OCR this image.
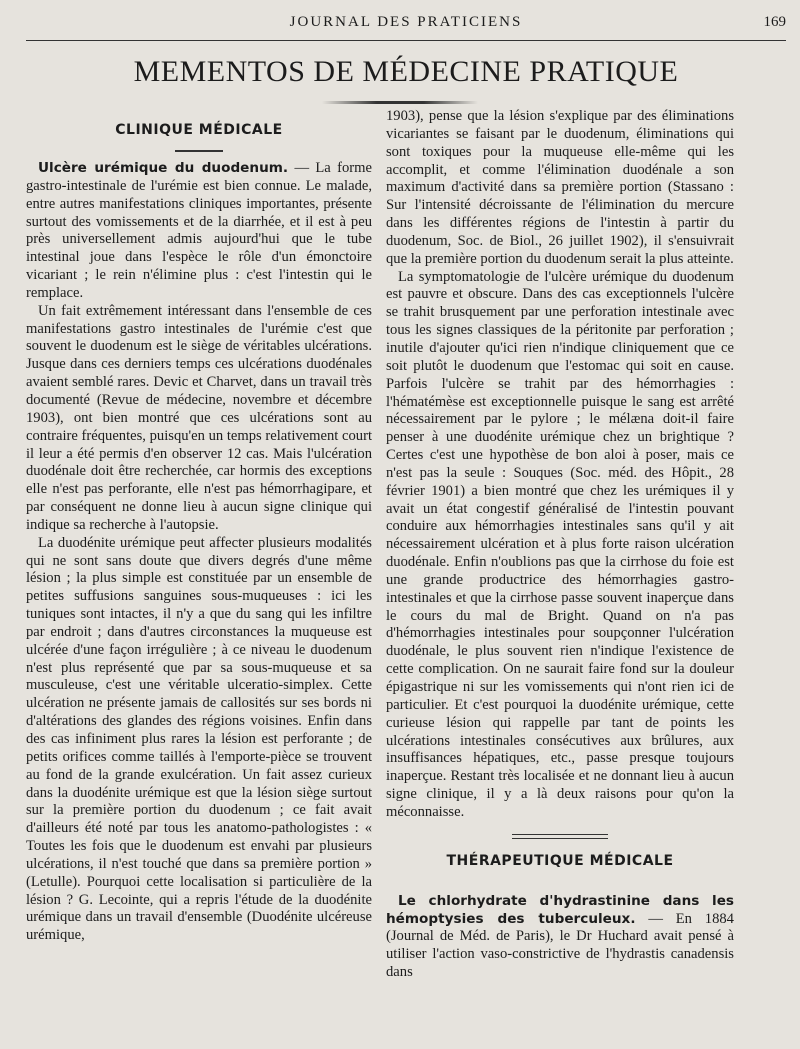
JOURNAL DES PRATICIENS	169
MEMENTOS DE MÉDECINE PRATIQUE
CLINIQUE MÉDICALE

Ulcère urémique du duodenum. — La forme gastro-intestinale de l'urémie est bien connue. Le malade, entre autres manifestations cliniques importantes, présente surtout des vomissements et de la diarrhée, et il est à peu près universellement admis aujourd'hui que le tube intestinal joue dans l'espèce le rôle d'un émonctoire vicariant ; le rein n'élimine plus : c'est l'intestin qui le remplace.

Un fait extrêmement intéressant dans l'ensemble de ces manifestations gastro intestinales de l'urémie c'est que souvent le duodenum est le siège de véritables ulcérations. Jusque dans ces derniers temps ces ulcérations duodénales avaient semblé rares. Devic et Charvet, dans un travail très documenté (Revue de médecine, novembre et décembre 1903), ont bien montré que ces ulcérations sont au contraire fréquentes, puisqu'en un temps relativement court il leur a été permis d'en observer 12 cas. Mais l'ulcération duodénale doit être recherchée, car hormis des exceptions elle n'est pas perforante, elle n'est pas hémorrhagipare, et par conséquent ne donne lieu à aucun signe clinique qui indique sa recherche à l'autopsie.

La duodénite urémique peut affecter plusieurs modalités qui ne sont sans doute que divers degrés d'une même lésion ; la plus simple est constituée par un ensemble de petites suffusions sanguines sous-muqueuses : ici les tuniques sont intactes, il n'y a que du sang qui les infiltre par endroit ; dans d'autres circonstances la muqueuse est ulcérée d'une façon irrégulière ; à ce niveau le duodenum n'est plus représenté que par sa sous-muqueuse et sa musculeuse, c'est une véritable ulceratio-simplex. Cette ulcération ne présente jamais de callosités sur ses bords ni d'altérations des glandes des régions voisines. Enfin dans des cas infiniment plus rares la lésion est perforante ; de petits orifices comme taillés à l'emporte-pièce se trouvent au fond de la grande exulcération. Un fait assez curieux dans la duodénite urémique est que la lésion siège surtout sur la première portion du duodenum ; ce fait avait d'ailleurs été noté par tous les anatomo-pathologistes : « Toutes les fois que le duodenum est envahi par plusieurs ulcérations, il n'est touché que dans sa première portion » (Letulle). Pourquoi cette localisation si particulière de la lésion ? G. Lecointe, qui a repris l'étude de la duodénite urémique dans un travail d'ensemble (Duodénite ulcéreuse urémique,

1903), pense que la lésion s'explique par des éliminations vicariantes se faisant par le duodenum, éliminations qui sont toxiques pour la muqueuse elle-même qui les accomplit, et comme l'élimination duodénale a son maximum d'activité dans sa première portion (Stassano : Sur l'intensité décroissante de l'élimination du mercure dans les différentes régions de l'intestin à partir du duodenum, Soc. de Biol., 26 juillet 1902), il s'ensuivrait que la première portion du duodenum serait la plus atteinte.

La symptomatologie de l'ulcère urémique du duodenum est pauvre et obscure. Dans des cas exceptionnels l'ulcère se trahit brusquement par une perforation intestinale avec tous les signes classiques de la péritonite par perforation ; inutile d'ajouter qu'ici rien n'indique cliniquement que ce soit plutôt le duodenum que l'estomac qui soit en cause. Parfois l'ulcère se trahit par des hémorrhagies : l'hématémèse est exceptionnelle puisque le sang est arrêté nécessairement par le pylore ; le mélæna doit-il faire penser à une duodénite urémique chez un brightique ? Certes c'est une hypothèse de bon aloi à poser, mais ce n'est pas la seule : Souques (Soc. méd. des Hôpit., 28 février 1901) a bien montré que chez les urémiques il y avait un état congestif généralisé de l'intestin pouvant conduire aux hémorrhagies intestinales sans qu'il y ait nécessairement ulcération et à plus forte raison ulcération duodénale. Enfin n'oublions pas que la cirrhose du foie est une grande productrice des hémorrhagies gastro-intestinales et que la cirrhose passe souvent inaperçue dans le cours du mal de Bright. Quand on n'a pas d'hémorrhagies intestinales pour soupçonner l'ulcération duodénale, le plus souvent rien n'indique l'existence de cette complication. On ne saurait faire fond sur la douleur épigastrique ni sur les vomissements qui n'ont rien ici de particulier. Et c'est pourquoi la duodénite urémique, cette curieuse lésion qui rappelle par tant de points les ulcérations intestinales consécutives aux brûlures, aux insuffisances hépatiques, etc., passe presque toujours inaperçue. Restant très localisée et ne donnant lieu à aucun signe clinique, il y a là deux raisons pour qu'on la méconnaisse.

THÉRAPEUTIQUE MÉDICALE

Le chlorhydrate d'hydrastinine dans les hémoptysies des tuberculeux. — En 1884 (Journal de Méd. de Paris), le Dr Huchard avait pensé à utiliser l'action vaso-constrictive de l'hydrastis canadensis dans
